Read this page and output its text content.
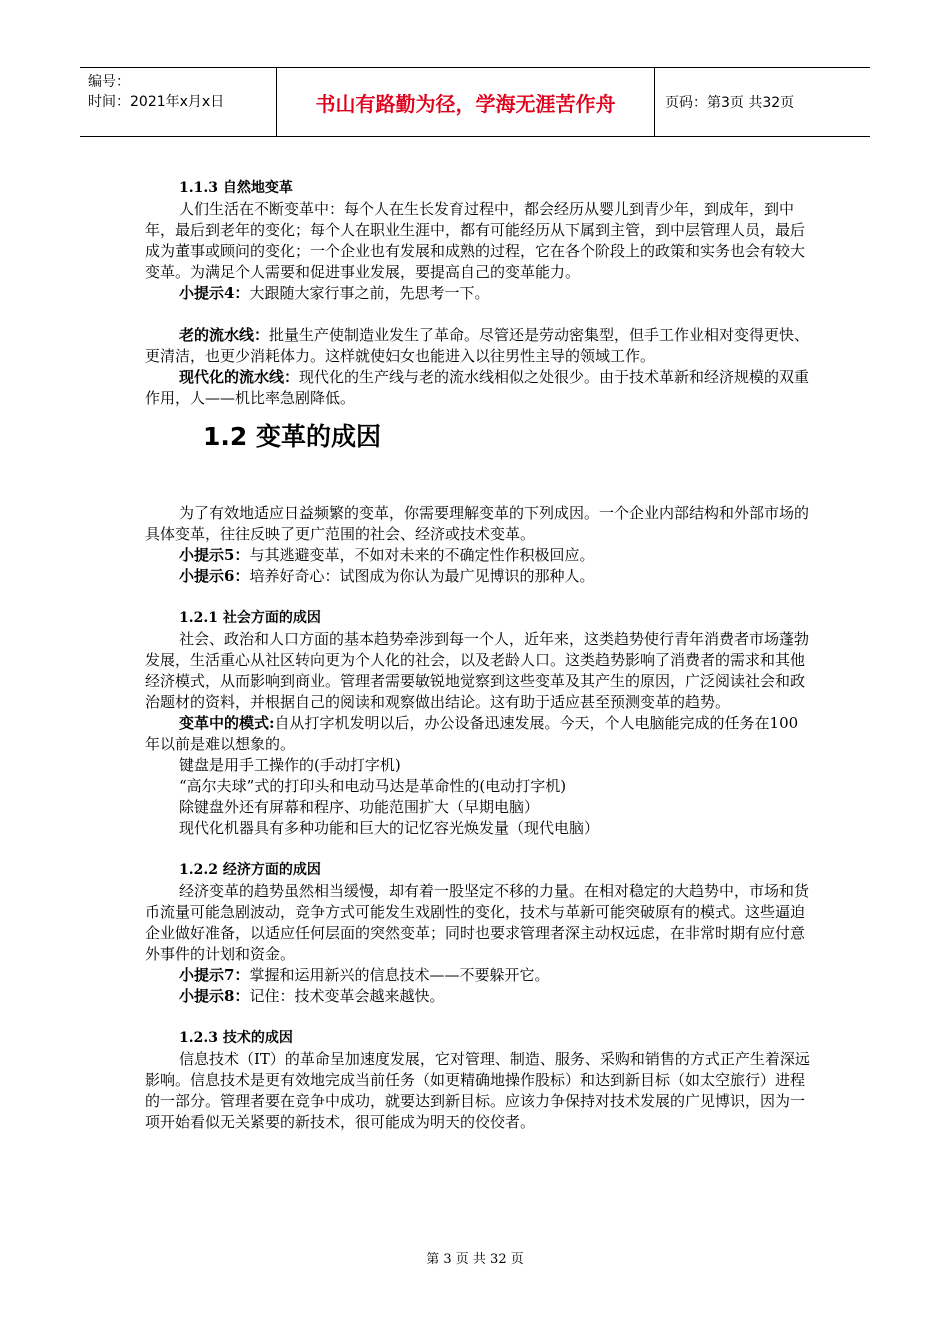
编号：
时间：2021年x月x日	书山有路勤为径，学海无涯苦作舟	页码：第3页 共32页

1.1.3 自然地变革

人们生活在不断变革中：每个人在生长发育过程中，都会经历从婴儿到青少年，到成年，到中年，最后到老年的变化；每个人在职业生涯中，都有可能经历从下属到主管，到中层管理人员，最后成为董事或顾问的变化；一个企业也有发展和成熟的过程，它在各个阶段上的政策和实务也会有较大变革。为满足个人需要和促进事业发展，要提高自己的变革能力。

小提示4：大跟随大家行事之前，先思考一下。

老的流水线：批量生产使制造业发生了革命。尽管还是劳动密集型，但手工作业相对变得更快、更清洁，也更少消耗体力。这样就使妇女也能进入以往男性主导的领域工作。

现代化的流水线：现代化的生产线与老的流水线相似之处很少。由于技术革新和经济规模的双重作用，人——机比率急剧降低。

1.2 变革的成因

为了有效地适应日益频繁的变革，你需要理解变革的下列成因。一个企业内部结构和外部市场的具体变革，往往反映了更广范围的社会、经济或技术变革。

小提示5：与其逃避变革，不如对未来的不确定性作积极回应。

小提示6：培养好奇心：试图成为你认为最广见博识的那种人。

1.2.1 社会方面的成因

社会、政治和人口方面的基本趋势牵涉到每一个人，近年来，这类趋势使行青年消费者市场蓬勃发展，生活重心从社区转向更为个人化的社会，以及老龄人口。这类趋势影响了消费者的需求和其他经济模式，从而影响到商业。管理者需要敏锐地觉察到这些变革及其产生的原因，广泛阅读社会和政治题材的资料，并根据自己的阅读和观察做出结论。这有助于适应甚至预测变革的趋势。

变革中的模式:自从打字机发明以后，办公设备迅速发展。今天，个人电脑能完成的任务在100年以前是难以想象的。

键盘是用手工操作的(手动打字机)

“高尔夫球”式的打印头和电动马达是革命性的(电动打字机)

除键盘外还有屏幕和程序、功能范围扩大（早期电脑）

现代化机器具有多种功能和巨大的记忆容光焕发量（现代电脑）

1.2.2 经济方面的成因

经济变革的趋势虽然相当缓慢，却有着一股坚定不移的力量。在相对稳定的大趋势中，市场和货币流量可能急剧波动，竞争方式可能发生戏剧性的变化，技术与革新可能突破原有的模式。这些逼迫企业做好准备，以适应任何层面的突然变革；同时也要求管理者深主动权远虑，在非常时期有应付意外事件的计划和资金。

小提示7：掌握和运用新兴的信息技术——不要躲开它。

小提示8：记住：技术变革会越来越快。

1.2.3 技术的成因

信息技术（IT）的革命呈加速度发展，它对管理、制造、服务、采购和销售的方式正产生着深远影响。信息技术是更有效地完成当前任务（如更精确地操作股标）和达到新目标（如太空旅行）进程的一部分。管理者要在竞争中成功，就要达到新目标。应该力争保持对技术发展的广见博识，因为一项开始看似无关紧要的新技术，很可能成为明天的佼佼者。

第 3 页 共 32 页
